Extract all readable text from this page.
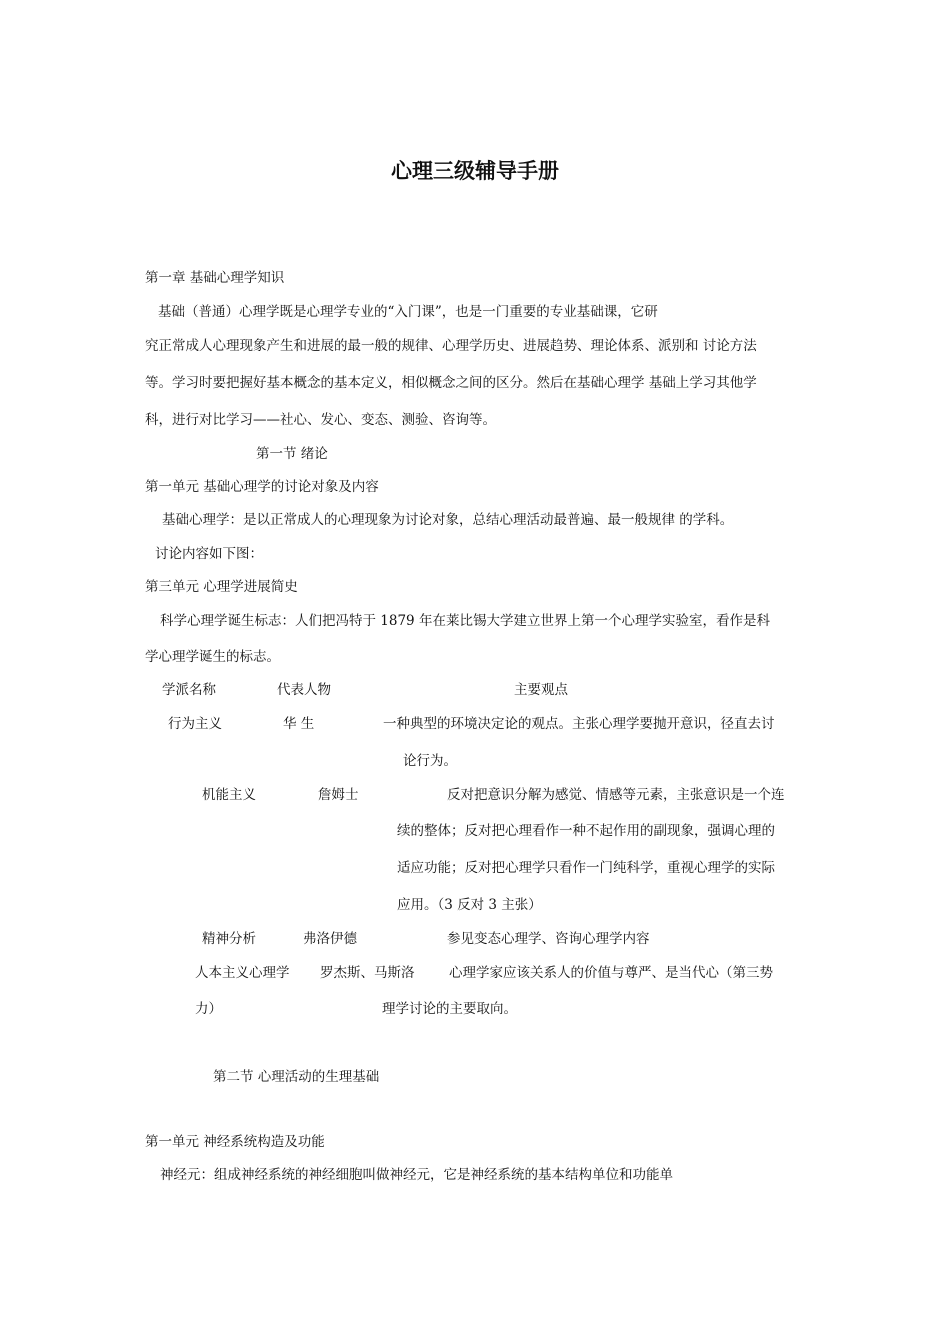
心理三级辅导手册
第一章 基础心理学知识
基础（普通）心理学既是心理学专业的“入门课”，也是一门重要的专业基础课，它研
究正常成人心理现象产生和进展的最一般的规律、心理学历史、进展趋势、理论体系、派别和 讨论方法
等。学习时要把握好基本概念的基本定义，相似概念之间的区分。然后在基础心理学 基础上学习其他学
科，进行对比学习——社心、发心、变态、测验、咨询等。
第一节 绪论
第一单元 基础心理学的讨论对象及内容
基础心理学：是以正常成人的心理现象为讨论对象，总结心理活动最普遍、最一般规律 的学科。
讨论内容如下图：
第三单元 心理学进展简史
科学心理学诞生标志：人们把冯特于 1879 年在莱比锡大学建立世界上第一个心理学实验室，看作是科
学心理学诞生的标志。
学派名称	代表人物	主要观点
行为主义	华 生	一种典型的环境决定论的观点。主张心理学要抛开意识，径直去讨
论行为。
机能主义	詹姆士	反对把意识分解为感觉、情感等元素，主张意识是一个连
续的整体；反对把心理看作一种不起作用的副现象，强调心理的
适应功能；反对把心理学只看作一门纯科学，重视心理学的实际
应用。（3 反对 3 主张）
精神分析	弗洛伊德	参见变态心理学、咨询心理学内容
人本主义心理学 罗杰斯、马斯洛	心理学家应该关系人的价值与尊严、是当代心（第三势
力）	理学讨论的主要取向。
第二节 心理活动的生理基础
第一单元 神经系统构造及功能
神经元：组成神经系统的神经细胞叫做神经元，它是神经系统的基本结构单位和功能单
